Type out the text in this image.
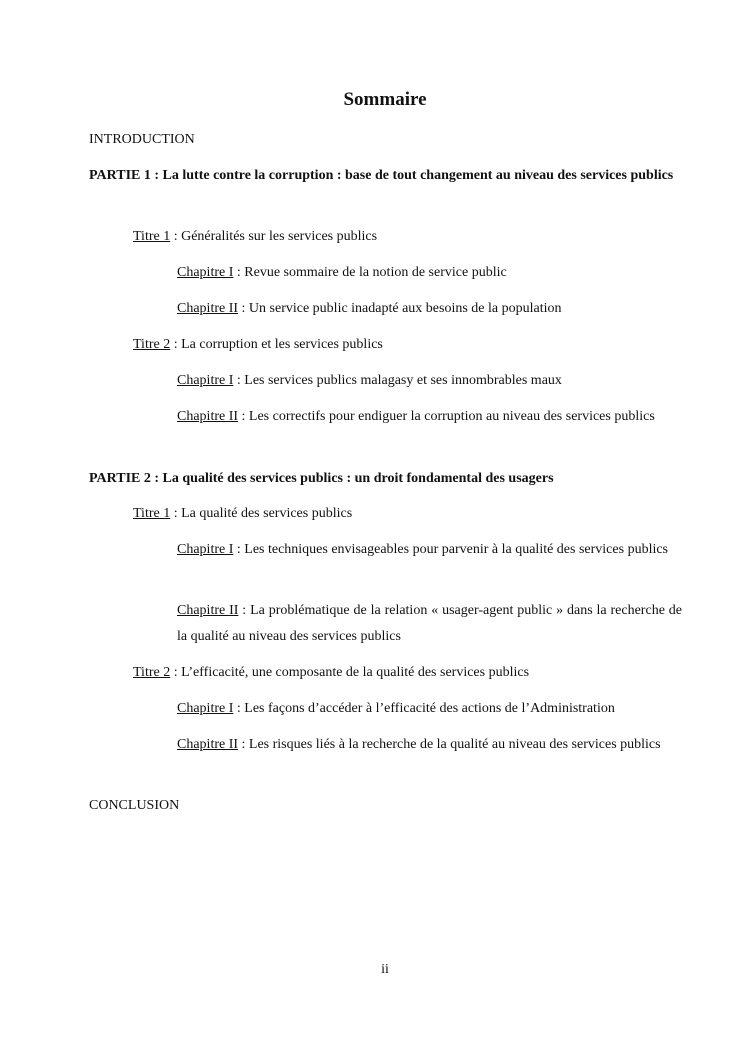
Sommaire
INTRODUCTION
PARTIE 1 : La lutte contre la corruption : base de tout changement au niveau des services publics
Titre 1 : Généralités sur les services publics
Chapitre I : Revue sommaire de la notion de service public
Chapitre II : Un service public inadapté aux besoins de la population
Titre 2 : La corruption et les services publics
Chapitre I : Les services publics malagasy et ses innombrables maux
Chapitre II : Les correctifs pour endiguer la corruption au niveau des services publics
PARTIE 2 : La qualité des services publics : un droit fondamental des usagers
Titre 1 : La qualité des services publics
Chapitre I : Les techniques envisageables pour parvenir à la qualité des services publics
Chapitre II : La problématique de la relation « usager-agent public » dans la recherche de la qualité au niveau des services publics
Titre 2 : L’efficacité, une composante de la qualité des services publics
Chapitre I : Les façons d’accéder à l’efficacité des actions de l’Administration
Chapitre II : Les risques liés à la recherche de la qualité au niveau des services publics
CONCLUSION
ii
